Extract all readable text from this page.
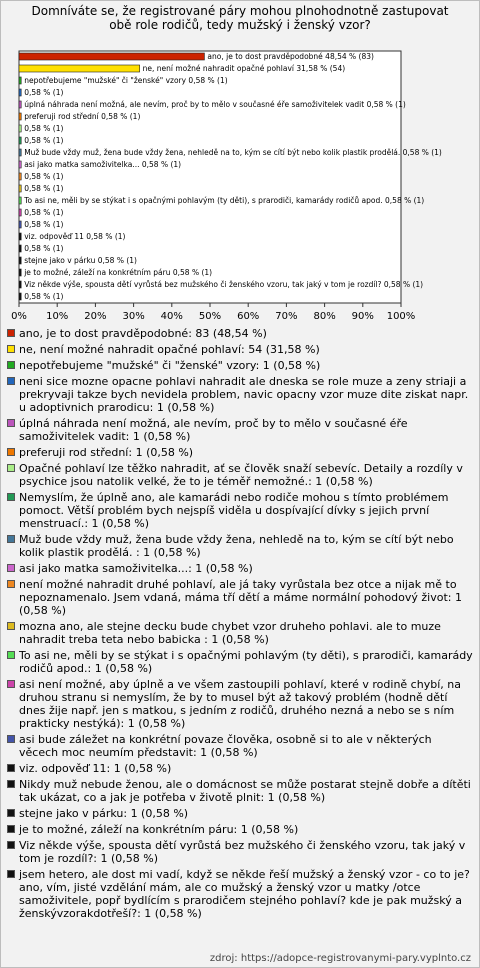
Domníváte se, že registrované páry mohou plnohodnotně zastupovat
obě role rodičů, tedy mužský i ženský vzor?
ano, je to dost pravděpodobné 48,54 % (83)
ne, není možné nahradit opačné pohlaví 31,58 % (54)
nepotřebujeme "mužské" či "ženské" vzory 0,58 % (1)
0,58 % (1)
úplná náhrada není možná, ale nevím, proč by to mělo v současné éře samoživitelek vadit 0,58 % (1)
preferuji rod střední 0,58 % (1)
0,58 % (1)
0,58 % (1)
Muž bude vždy muž, žena bude vždy žena, nehledě na to, kým se cítí být nebo kolik plastik prodělá. 0,58 % (1)
asi jako matka samoživitelka... 0,58 % (1)
0,58 % (1)
0,58 % (1)
To asi ne, měli by se stýkat i s opačnými pohlavým (ty děti), s prarodiči, kamarády rodičů apod. 0,58 % (1)
0,58 % (1)
0,58 % (1)
viz. odpověď 11 0,58 % (1)
0,58 % (1)
stejne jako v párku 0,58 % (1)
je to možné, záleží na konkrétním páru 0,58 % (1)
Viz někde výše, spousta dětí vyrůstá bez mužského či ženského vzoru, tak jaký v tom je rozdíl? 0,58 % (1)
0,58 % (1)
0% 10% 20% 30% 40% 50% 60% 70% 80% 90% 100%
ano, je to dost pravděpodobné: 83 (48,54 %)
ne, není možné nahradit opačné pohlaví: 54 (31,58 %)
nepotřebujeme "mužské" či "ženské" vzory: 1 (0,58 %)
neni sice mozne opacne pohlavi nahradit ale dneska se role muze a zeny striaji a prekryvaji takze bych nevidela problem, navic opacny vzor muze dite ziskat napr. u adoptivnich prarodicu: 1 (0,58 %)
úplná náhrada není možná, ale nevím, proč by to mělo v současné éře samoživitelek vadit: 1 (0,58 %)
preferuji rod střední: 1 (0,58 %)
Opačné pohlaví lze těžko nahradit, ať se člověk snaží sebevíc. Detaily a rozdíly v psychice jsou natolik velké, že to je téměř nemožné.: 1 (0,58 %)
Nemyslím, že úplně ano, ale kamarádi nebo rodiče mohou s tímto problémem pomoct. Větší problém bych nejspíš viděla u dospívající dívky s jejich první menstruací.: 1 (0,58 %)
Muž bude vždy muž, žena bude vždy žena, nehledě na to, kým se cítí být nebo kolik plastik prodělá. : 1 (0,58 %)
asi jako matka samoživitelka...: 1 (0,58 %)
není možné nahradit druhé pohlaví, ale já taky vyrůstala bez otce a nijak mě to nepoznamenalo. Jsem vdaná, máma tří dětí a máme normální pohodový život: 1 (0,58 %)
mozna ano, ale stejne decku bude chybet vzor druheho pohlavi. ale to muze nahradit treba teta nebo babicka : 1 (0,58 %)
To asi ne, měli by se stýkat i s opačnými pohlavým (ty děti), s prarodiči, kamarády rodičů apod.: 1 (0,58 %)
asi není možné, aby úplně a ve všem zastoupili pohlaví, které v rodině chybí, na druhou stranu si nemyslím, že by to musel být až takový problém (hodně dětí dnes žije např. jen s matkou, s jedním z rodičů, druhého nezná a nebo se s ním prakticky nestýká): 1 (0,58 %)
asi bude záležet na konkrétní povaze člověka, osobně si to ale v některých věcech moc neumím představit: 1 (0,58 %)
viz. odpověď 11: 1 (0,58 %)
Nikdy muž nebude ženou, ale o domácnost se může postarat stejně dobře a dítěti tak ukázat, co a jak je potřeba v životě plnit: 1 (0,58 %)
stejne jako v párku: 1 (0,58 %)
je to možné, záleží na konkrétním páru: 1 (0,58 %)
Viz někde výše, spousta dětí vyrůstá bez mužského či ženského vzoru, tak jaký v tom je rozdíl?: 1 (0,58 %)
jsem hetero, ale dost mi vadí, když se někde řeší mužský a ženský vzor - co to je? ano, vím, jisté vzdělání mám, ale co mužský a ženský vzor u matky /otce samoživitele, popř bydlícím s prarodičem stejného pohlaví? kde je pak mužský a ženskývzorakdotřeší?: 1 (0,58 %)
zdroj: https://adopce-registrovanymi-pary.vyplnto.cz
